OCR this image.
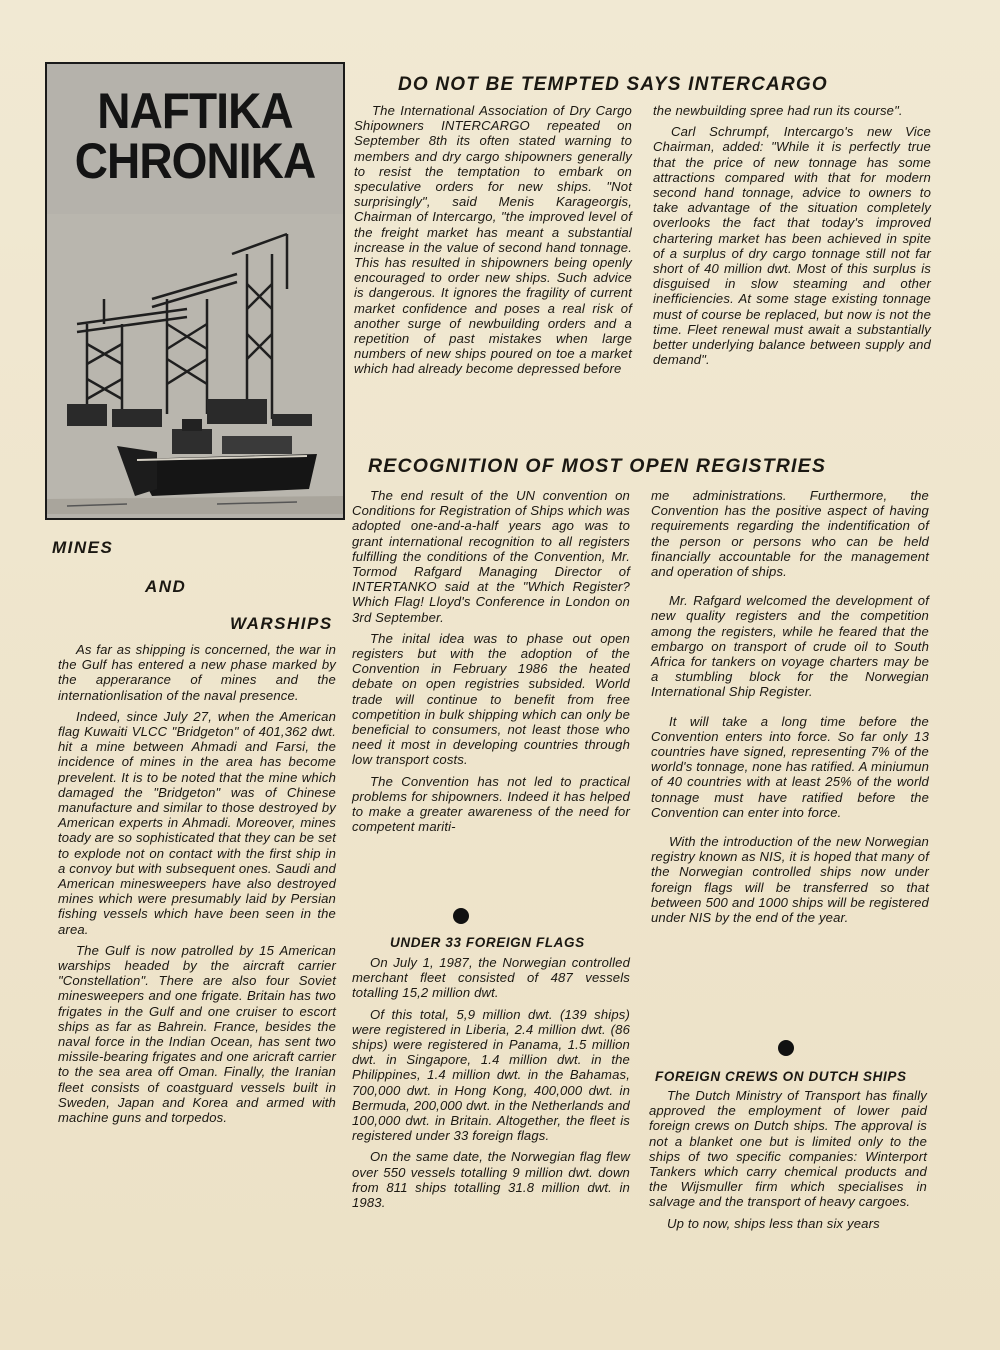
NAFTIKA
CHRONIKA
DO NOT BE TEMPTED SAYS INTERCARGO

The International Association of Dry Cargo Shipowners INTERCARGO repeated on September 8th its often stated warning to members and dry cargo shipowners generally to resist the temptation to embark on speculative orders for new ships. "Not surprisingly", said Menis Karageorgis, Chairman of Intercargo, "the improved level of the freight market has meant a substantial increase in the value of second hand tonnage. This has resulted in shipowners being openly encouraged to order new ships. Such advice is dangerous. It ignores the fragility of current market confidence and poses a real risk of another surge of newbuilding orders and a repetition of past mistakes when large numbers of new ships poured on toe a market which had already become depressed before

the newbuilding spree had run its course".

Carl Schrumpf, Intercargo's new Vice Chairman, added: "While it is perfectly true that the price of new tonnage has some attractions compared with that for modern second hand tonnage, advice to owners to take advantage of the situation completely overlooks the fact that today's improved chartering market has been achieved in spite of a surplus of dry cargo tonnage still not far short of 40 million dwt. Most of this surplus is disguised in slow steaming and other inefficiencies. At some stage existing tonnage must of course be replaced, but now is not the time. Fleet renewal must await a substantially better underlying balance between supply and demand".

RECOGNITION OF MOST OPEN REGISTRIES

The end result of the UN convention on Conditions for Registration of Ships which was adopted one-and-a-half years ago was to grant international recognition to all registers fulfilling the conditions of the Convention, Mr. Tormod Rafgard Managing Director of INTERTANKO said at the "Which Register? Which Flag! Lloyd's Conference in London on 3rd September.

The inital idea was to phase out open registers but with the adoption of the Convention in February 1986 the heated debate on open registries subsided. World trade will continue to benefit from free competition in bulk shipping which can only be beneficial to consumers, not least those who need it most in developing countries through low transport costs.

The Convention has not led to practical problems for shipowners. Indeed it has helped to make a greater awareness of the need for competent mariti-

me administrations. Furthermore, the Convention has the positive aspect of having requirements regarding the indentification of the person or persons who can be held financially accountable for the management and operation of ships.

Mr. Rafgard welcomed the development of new quality registers and the competition among the registers, while he feared that the embargo on transport of crude oil to South Africa for tankers on voyage charters may be a stumbling block for the Norwegian International Ship Register.

It will take a long time before the Convention enters into force. So far only 13 countries have signed, representing 7% of the world's tonnage, none has ratified. A miniumun of 40 countries with at least 25% of the world tonnage must have ratified before the Convention can enter into force.

With the introduction of the new Norwegian registry known as NIS, it is hoped that many of the Norwegian controlled ships now under foreign flags will be transferred so that between 500 and 1000 ships will be registered under NIS by the end of the year.

MINES
AND
WARSHIPS

As far as shipping is concerned, the war in the Gulf has entered a new phase marked by the apperarance of mines and the internationlisation of the naval presence.

Indeed, since July 27, when the American flag Kuwaiti VLCC "Bridgeton" of 401,362 dwt. hit a mine between Ahmadi and Farsi, the incidence of mines in the area has become prevelent. It is to be noted that the mine which damaged the "Bridgeton" was of Chinese manufacture and similar to those destroyed by American experts in Ahmadi. Moreover, mines toady are so sophisticated that they can be set to explode not on contact with the first ship in a convoy but with subsequent ones. Saudi and American minesweepers have also destroyed mines which were presumably laid by Persian fishing vessels which have been seen in the area.

The Gulf is now patrolled by 15 American warships headed by the aircraft carrier "Constellation". There are also four Soviet minesweepers and one frigate. Britain has two frigates in the Gulf and one cruiser to escort ships as far as Bahrein. France, besides the naval force in the Indian Ocean, has sent two missile-bearing frigates and one aricraft carrier to the sea area off Oman. Finally, the Iranian fleet consists of coastguard vessels built in Sweden, Japan and Korea and armed with machine guns and torpedos.

UNDER 33 FOREIGN FLAGS

On July 1, 1987, the Norwegian controlled merchant fleet consisted of 487 vessels totalling 15,2 million dwt.

Of this total, 5,9 million dwt. (139 ships) were registered in Liberia, 2.4 million dwt. (86 ships) were registered in Panama, 1.5 million dwt. in Singapore, 1.4 million dwt. in the Philippines, 1.4 million dwt. in the Bahamas, 700,000 dwt. in Hong Kong, 400,000 dwt. in Bermuda, 200,000 dwt. in the Netherlands and 100,000 dwt. in Britain. Altogether, the fleet is registered under 33 foreign flags.

On the same date, the Norwegian flag flew over 550 vessels totalling 9 million dwt. down from 811 ships totalling 31.8 million dwt. in 1983.

FOREIGN CREWS ON DUTCH SHIPS

The Dutch Ministry of Transport has finally approved the employment of lower paid foreign crews on Dutch ships. The approval is not a blanket one but is limited only to the ships of two specific companies: Winterport Tankers which carry chemical products and the Wijsmuller firm which specialises in salvage and the transport of heavy cargoes.

Up to now, ships less than six years
